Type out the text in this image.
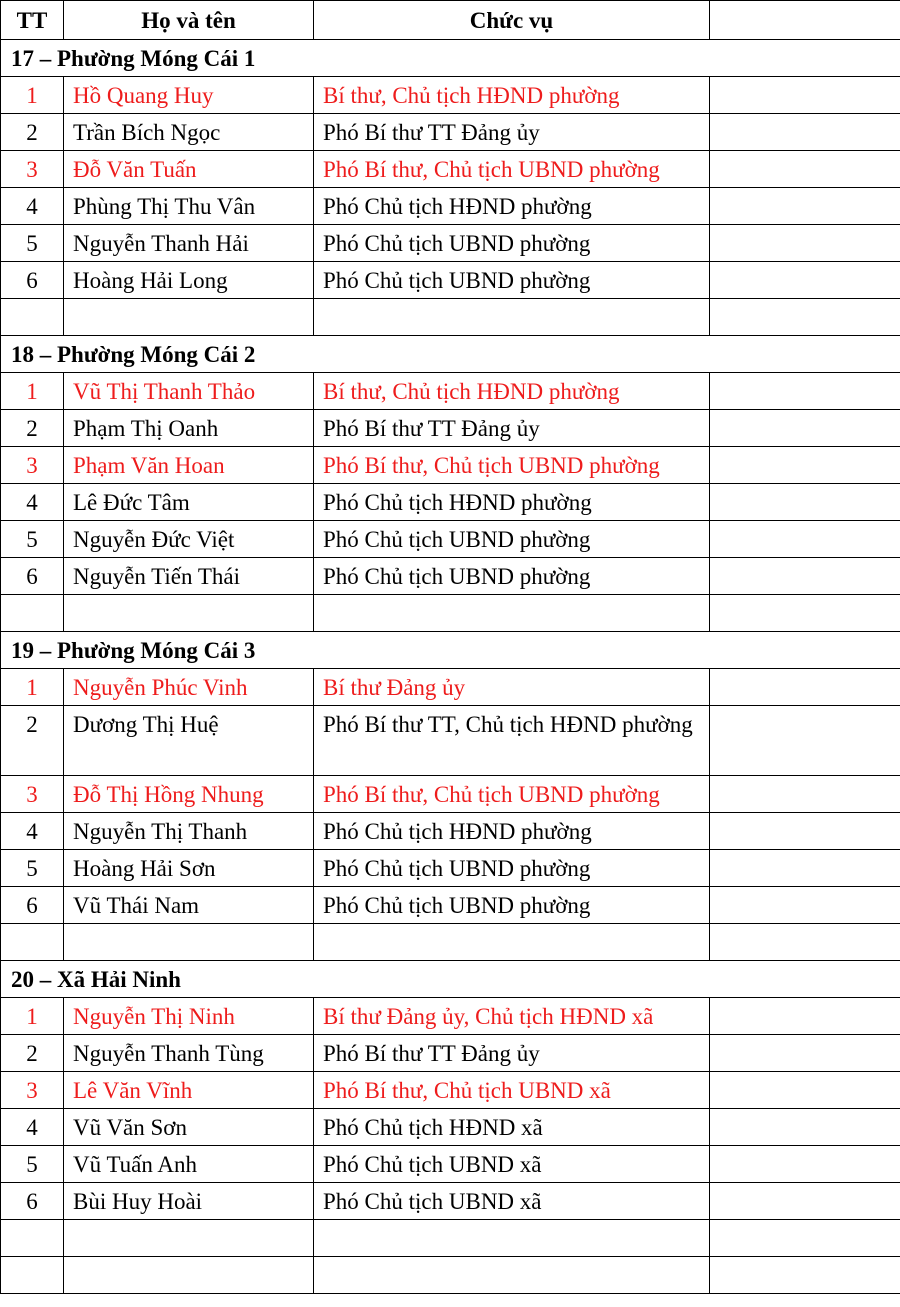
TT	Họ và tên	Chức vụ	
17 – Phường Móng Cái 1			
1	Hồ Quang Huy	Bí thư, Chủ tịch HĐND phường	
2	Trần Bích Ngọc	Phó Bí thư TT Đảng ủy	
3	Đỗ Văn Tuấn	Phó Bí thư, Chủ tịch UBND phường	
4	Phùng Thị Thu Vân	Phó Chủ tịch HĐND phường	
5	Nguyễn Thanh Hải	Phó Chủ tịch UBND phường	
6	Hoàng Hải Long	Phó Chủ tịch UBND phường	

18 – Phường Móng Cái 2			
1	Vũ Thị Thanh Thảo	Bí thư, Chủ tịch HĐND phường	
2	Phạm Thị Oanh	Phó Bí thư TT Đảng ủy	
3	Phạm Văn Hoan	Phó Bí thư, Chủ tịch UBND phường	
4	Lê Đức Tâm	Phó Chủ tịch HĐND phường	
5	Nguyễn Đức Việt	Phó Chủ tịch UBND phường	
6	Nguyễn Tiến Thái	Phó Chủ tịch UBND phường	

19 – Phường Móng Cái 3			
1	Nguyễn Phúc Vinh	Bí thư Đảng ủy	
2	Dương Thị Huệ	Phó Bí thư TT, Chủ tịch HĐND phường	
3	Đỗ Thị Hồng Nhung	Phó Bí thư, Chủ tịch UBND phường	
4	Nguyễn Thị Thanh	Phó Chủ tịch HĐND phường	
5	Hoàng Hải Sơn	Phó Chủ tịch UBND phường	
6	Vũ Thái Nam	Phó Chủ tịch UBND phường	

20 – Xã Hải Ninh			
1	Nguyễn Thị Ninh	Bí thư Đảng ủy, Chủ tịch HĐND xã	
2	Nguyễn Thanh Tùng	Phó Bí thư TT Đảng ủy	
3	Lê Văn Vĩnh	Phó Bí thư, Chủ tịch UBND xã	
4	Vũ Văn Sơn	Phó Chủ tịch HĐND xã	
5	Vũ Tuấn Anh	Phó Chủ tịch UBND xã	
6	Bùi Huy Hoài	Phó Chủ tịch UBND xã	
